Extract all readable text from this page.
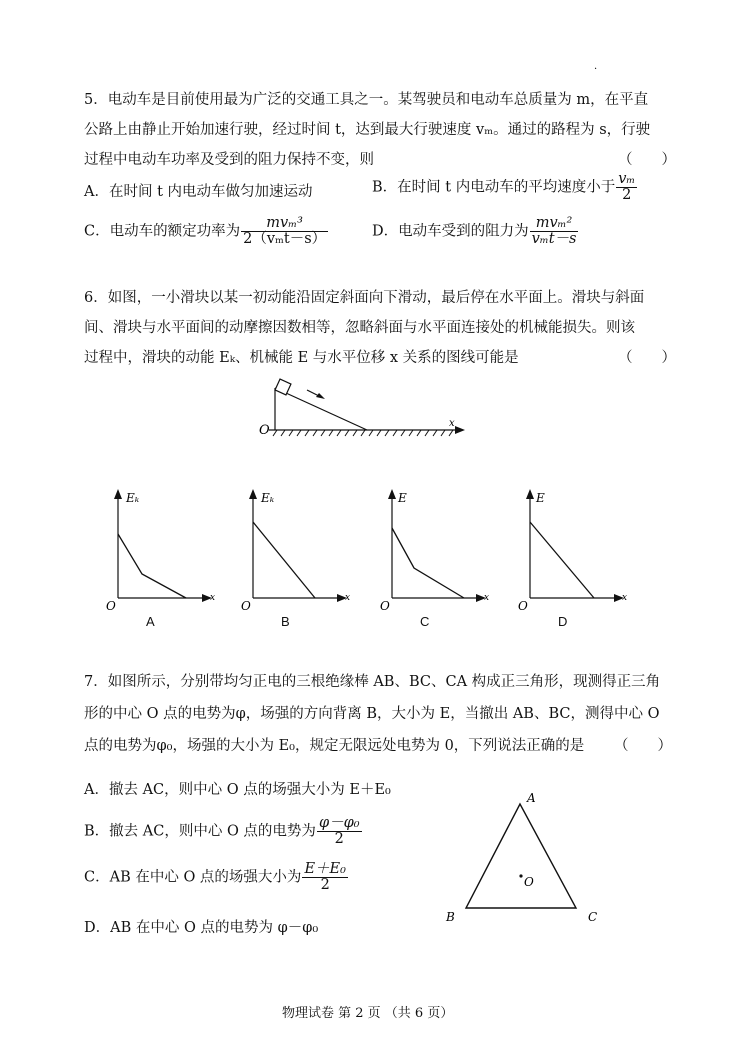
·
5．电动车是目前使用最为广泛的交通工具之一。某驾驶员和电动车总质量为 m，在平直
公路上由静止开始加速行驶，经过时间 t，达到最大行驶速度 vₘ。通过的路程为 s，行驶
过程中电动车功率及受到的阻力保持不变，则	（　　）
A．在时间 t 内电动车做匀加速运动	B．在时间 t 内电动车的平均速度小于 $\frac{\text{vₘ}}{2}$
C．电动车的额定功率为 $\frac{\text{mvₘ³}}{\text{2（vₘt－s）}}$	D．电动车受到的阻力为 $\frac{\text{mvₘ²}}{\text{vₘt－s}}$
6．如图，一小滑块以某一初动能沿固定斜面向下滑动，最后停在水平面上。滑块与斜面
间、滑块与水平面间的动摩擦因数相等，忽略斜面与水平面连接处的机械能损失。则该
过程中，滑块的动能 Eₖ、机械能 E 与水平位移 x 关系的图线可能是	（　　）
O	x
Eₖ
O
x
A
Eₖ
O
x
B
E
O
x
C
E
O
x
D
7．如图所示，分别带均匀正电的三根绝缘棒 AB、BC、CA 构成正三角形，现测得正三角
形的中心 O 点的电势为φ，场强的方向背离 B，大小为 E，当撤出 AB、BC，测得中心 O
点的电势为φ₀，场强的大小为 E₀，规定无限远处电势为 0，下列说法正确的是 （　　）
A．撤去 AC，则中心 O 点的场强大小为 E＋E₀
B．撤去 AC，则中心 O 点的电势为 $\frac{\text{φ－φ₀}}{2}$
C．AB 在中心 O 点的场强大小为 $\frac{\text{E＋E₀}}{2}$
D．AB 在中心 O 点的电势为 φ－φ₀
A
B	C
O
物理试卷 第 2 页 （共 6 页）
